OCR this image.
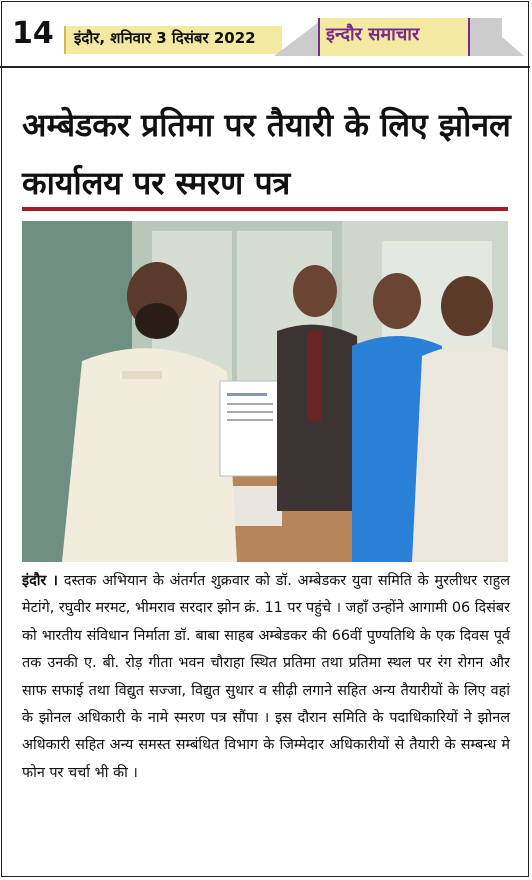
14 इंदौर, शनिवार 3 दिसंबर 2022	इन्दौर समाचार
अम्बेडकर प्रतिमा पर तैयारी के लिए झोनल कार्यालय पर स्मरण पत्र

इंदौर । दस्तक अभियान के अंतर्गत शुक्रवार को डॉ. अम्बेडकर युवा समिति के मुरलीधर राहुल मेटांगे, रघुवीर मरमट, भीमराव सरदार झोन क्रं. 11 पर पहुंचे । जहाँ उन्होंने आगामी 06 दिसंबर को भारतीय संविधान निर्माता डॉ. बाबा साहब अम्बेडकर की 66वीं पुण्यतिथि के एक दिवस पूर्व तक उनकी ए. बी. रोड़ गीता भवन चौराहा स्थित प्रतिमा तथा प्रतिमा स्थल पर रंग रोगन और साफ सफाई तथा विद्युत सज्जा, विद्युत सुधार व सीढ़ी लगाने सहित अन्य तैयारीयों के लिए वहां के झोनल अधिकारी के नामे स्मरण पत्र सौंपा । इस दौरान समिति के पदाधिकारियों ने झोनल अधिकारी सहित अन्य समस्त सम्बंधित विभाग के जिम्मेदार अधिकारीयों से तैयारी के सम्बन्ध मे फोन पर चर्चा भी की ।
